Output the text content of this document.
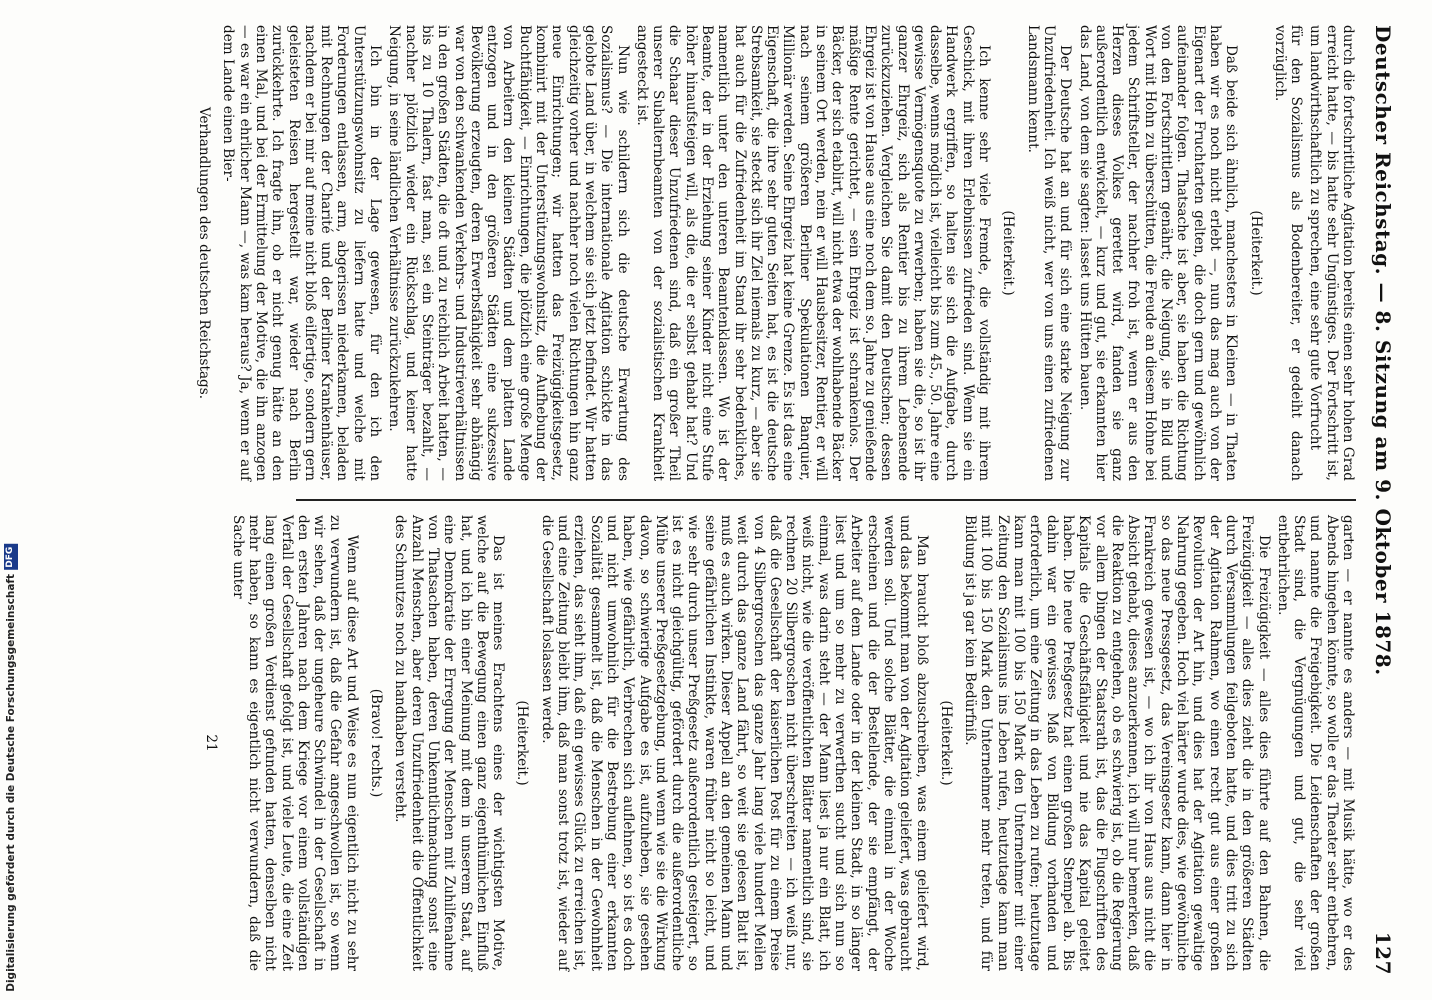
Deutscher Reichstag. — 8. Sitzung am 9. Oktober 1878.
127

durch die fortschrittliche Agitation bereits einen sehr hohen Grad erreicht hatte, — bis hatte sehr Ungünstiges. Der Fortschritt ist, um landwirthschaftlich zu sprechen, eine sehr gute Vorfrucht

für den Sozialismus als Bodenbereiter, er gedeiht danach vorzüglich.

(Heiterkeit.)

Daß beide sich ähnlich, manchesters in Kleinen — in Thaten haben wir es noch nicht erlebt —, nun das mag auch von der Eigenart der Fruchtarten gelten, die doch gern und gewöhnlich aufeinander folgen. Thatsache ist aber, sie haben die Richtung von den Fortschrittlern genährt; die Neigung, sie in Bild und Wort mit Hohn zu überschütten, die Freude an diesem Hohne bei jedem Schriftsteller, der nachher froh ist, wenn er aus den Herzen dieses Volkes gerettet wird, fanden sie ganz außerordentlich entwickelt, — kurz und gut, sie erkannten hier das Land, von dem sie sagten: lasset uns Hütten bauen.

Der Deutsche hat an und für sich eine starke Neigung zur Unzufriedenheit. Ich weiß nicht, wer von uns einen zufriedenen Landsmann kennt.

(Heiterkeit.)

Ich kenne sehr viele Fremde, die vollständig mit ihrem Geschick, mit ihren Erlebnissen zufrieden sind. Wenn sie ein Handwerk ergriffen, so halten sie sich die Aufgabe, durch dasselbe, wenns möglich ist, vielleicht bis zum 45., 50. Jahre eine gewisse Vermögensquote zu erwerben; haben sie die, so ist ihr ganzer Ehrgeiz, sich als Rentier bis zu ihrem Lebensende zurückzuziehen. Vergleichen Sie damit den Deutschen; dessen Ehrgeiz ist von Hause aus eine noch dem so. Jahre zu genießende mäßige Rente gerichtet, — sein Ehrgeiz ist schrankenlos. Der Bäcker, der sich etablirt, will nicht etwa der wohlhabende Bäcker in seinem Ort werden, nein er will Hausbesitzer, Rentier, er will nach seinem größeren Berliner Spekulationen Banquier, Millionär werden. Seine Ehrgeiz hat keine Grenze. Es ist das eine Eigenschaft, die ihre sehr guten Seiten hat, es ist die deutsche Strebsamkeit, sie steckt sich ihr Ziel niemals zu kurz, — aber sie hat auch für die Zufriedenheit im Stand ihr sehr bedenkliches, namentlich unter den unteren Beamtenklassen. Wo ist der Beamte, der in der Erziehung seiner Kinder nicht eine Stufe höher hinaufsteigen will, als die, die er selbst gehabt hat? Und die Schaar dieser Unzufriedenen sind, daß ein großer Theil unserer Subalternbeamten von der sozialistischen Krankheit angesteckt ist.

Nun wie schildern sich die deutsche Erwartung des Sozialismus? — Die internationale Agitation schickte in das gelobte Land über, in welchem sie sich jetzt befindet. Wir hatten gleichzeitig vorher und nachher noch vielen Richtungen hin ganz neue Einrichtungen; wir hatten das Freizügigkeitsgesetz, kombinirt mit der Unterstützungswohnsitz, die Aufhebung der Buchtfähigkeit, — Einrichtungen, die plötzlich eine große Menge von Arbeitern den kleinen Städten und dem platten Lande entzogen und in den größeren Städten eine sukzessive Bevölkerung erzeugten, deren Erwerbsfähigkeit sehr abhängig war von den schwankenden Verkehrs- und Industrieverhältnissen in den großen Städten, die oft und zu reichlich Arbeit hatten, — bis zu 10 Thalern, fast man, sei ein Steinträger bezahlt, — nachher plötzlich wieder ein Rückschlag, und keiner hatte Neigung, in seine ländlichen Verhältnisse zurückzukehren.

Ich bin in der Lage gewesen, für den ich den Unterstützungswohnsitz zu liefern hatte und welche mit Forderungen entlassen, arm, abgerissen niederkamen, beladen mit Rechnungen der Charité und der Berliner Krankenhäuser, nachdem er bei mir auf meine nicht bloß eilfertige, sondern gern geleisteten Reisen hergestellt war, wieder nach Berlin zurückkehrte. Ich fragte ihn, ob er nicht genug hätte an den einen Mal, und bei der Ermittelung der Motive, die ihn anzogen — es war ein ehrlicher Mann —, was kam heraus? Ja, wenn er auf dem Lande einen Bier-

Verhandlungen des deutschen Reichstags.

garten — er nannte es anders — mit Musik hätte, wo er des Abends hingehen könnte, so wolle er das Theater sehr entbehren, und nannte die Freigebigkeit. Die Leidenschaften der großen Stadt sind, die Vergnügungen und gut, die sehr viel entbehrlichen.

Die Freizügigkeit — alles dies führte auf den Bahnen, die Freizügigkeit — alles dies zieht die in den größeren Städten durch Versammlungen feilgeboten hatte, und dies tritt zu sich der Agitation Rahmen, wo einen recht gut aus einer großen Revolution der Art hin, und dies hat der Agitation gewaltige Nahrung gegeben. Hoch viel härter wurde dies, wie gewöhnliche so das neue Pressgesetz, das Vereinsgesetz kann, dann hier in Frankreich gewesen ist, — wo ich ihr von Haus aus nicht die Absicht gehabt, dieses anzuerkennen, ich will nur bemerken, daß die Reaktion zu entgehen, ob es schwierig ist, ob die Regierung vor allem Dingen der Staatsrath ist, das die Flugschriften des Kapitals die Geschäftsfähigkeit und nie das Kapital geleitet haben. Die neue Preßgesetz hat einen großen Stempel ab. Bis dahin war ein gewisses Maß von Bildung vorhanden und erforderlich, um eine Zeitung in das Leben zu rufen; heutzutage kann man mit 100 bis 150 Mark den Unternehmer mit einer Zeitung den Sozialismus ins Leben rufen, heutzutage kann man mit 100 bis 150 Mark den Unternehmer mehr treten, und für Bildung ist ja gar kein Bedürfniß.

(Heiterkeit.)

Man braucht bloß abzuschreiben, was einem geliefert wird, und das bekommt man von der Agitation geliefert, was gebraucht werden soll. Und solche Blätter, die einmal in der Woche erscheinen und die der Bestellende, der sie empfängt, der Arbeiter auf dem Lande oder in der kleinen Stadt, in so länger liest und um so mehr zu verwerthen sucht und sich nun so einmal, was darin steht — der Mann liest ja nur ein Blatt, ich weiß nicht, wie die veröffentlichten Blätter namentlich sind, sie rechnen 20 Silbergroschen nicht überschreiten — ich weiß nur, daß die Gesellschaft der kaiserlichen Post für zu einem Preise von 4 Silbergroschen das ganze Jahr lang viele hundert Meilen weit durch das ganze Land fährt, so weit sie gelesen Blatt ist, muß es auch wirken. Dieser Appell an den gemeinen Mann und seine gefährlichen Instinkte, waren früher nicht so leicht, und wie sehr durch unser Preßgesetz außerordentlich gesteigert, so ist es nicht gleichgültig, gefördert durch die außerordentliche Mühe unserer Preßgesetzgebung, und wenn wie sie die Wirkung davon, so schwierige Aufgabe es ist, aufzuheben, sie gesehen haben, wie gefährlich, Verbrechen sich auflehnen, so ist es doch und nicht umwohnlich für die Bestrebung einer erkannten Sozialität gesammelt ist, daß die Menschen in der Gewohnheit erziehen, das sieht ihm, daß ein gewisses Glück zu erreichen ist, und eine Zeitung bleibt ihm, daß man sonst trotz ist, wieder auf die Gesellschaft loslassen werde.

(Heiterkeit.)

Das ist meines Erachtens eines der wichtigsten Motive, welche auf die Bewegung einen ganz eigenthümlichen Einfluß hat, und ich bin einer Meinung mit dem in unserem Staat, auf eine Demokratie der Erregung der Menschen mit Zuhilfenahme von Thatsachen haben, deren Unkenntlichmachung sonst eine Anzahl Menschen, aber deren Unzufriedenheit die Öffentlichkeit des Schmutzes noch zu handhaben versteht.

(Bravo! rechts.)

Wenn auf diese Art und Weise es nun eigentlich nicht zu sehr zu verwundern ist, daß die Gefahr angeschwollen ist, so wenn wir sehen, daß der ungeheure Schwindel in der Gesellschaft in den ersten Jahren nach dem Kriege vor einem vollständigen Verfall der Gesellschaft gefolgt ist, und viele Leute, die eine Zeit lang einen großen Verdienst gefunden hatten, denselben nicht mehr haben, so kann es eigentlich nicht verwundern, daß die Sache unter

21
Digitalisierung gefördert durch die Deutsche Forschungsgemeinschaft
DFG
